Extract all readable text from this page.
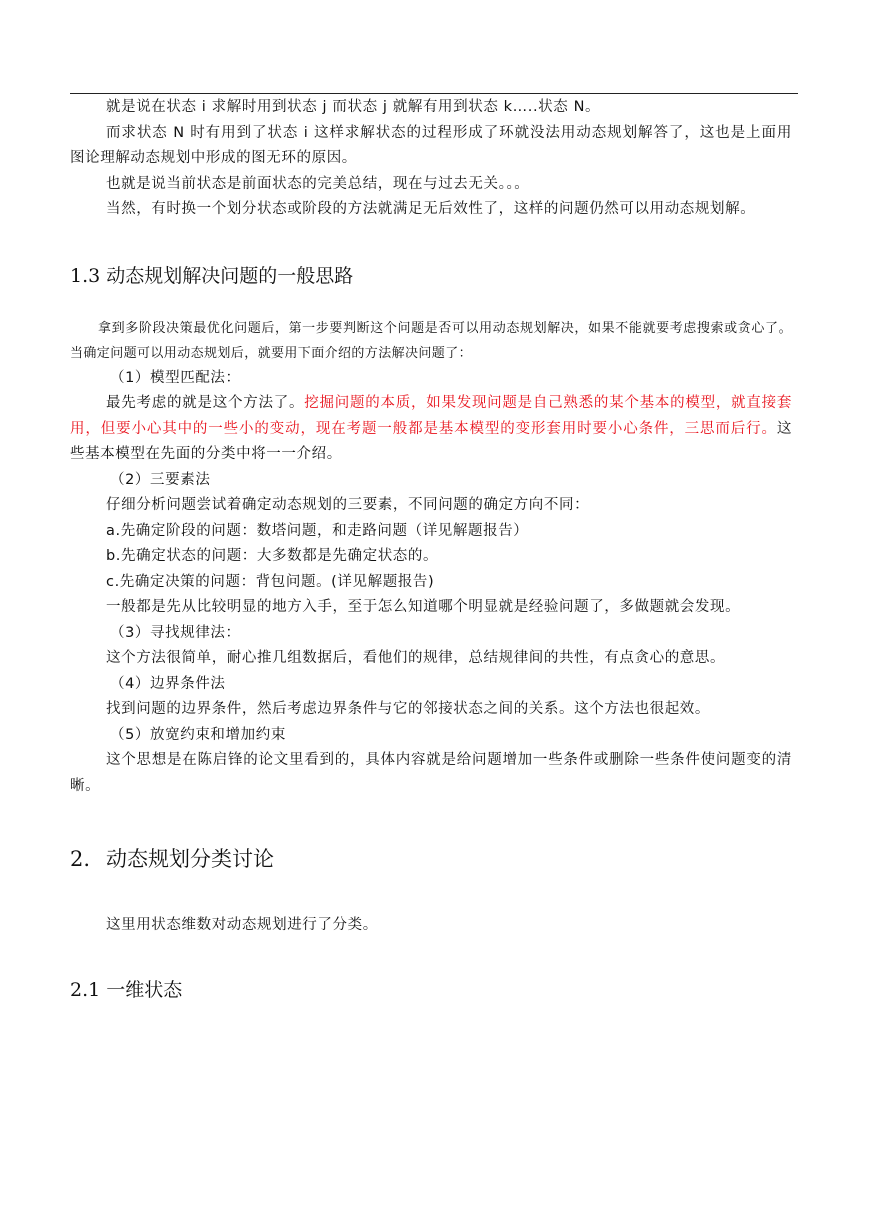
就是说在状态 i 求解时用到状态 j 而状态 j 就解有用到状态 k…..状态 N。

而求状态 N 时有用到了状态 i 这样求解状态的过程形成了环就没法用动态规划解答了，这也是上面用图论理解动态规划中形成的图无环的原因。

也就是说当前状态是前面状态的完美总结，现在与过去无关。。。

当然，有时换一个划分状态或阶段的方法就满足无后效性了，这样的问题仍然可以用动态规划解。

1.3 动态规划解决问题的一般思路

拿到多阶段决策最优化问题后，第一步要判断这个问题是否可以用动态规划解决，如果不能就要考虑搜索或贪心了。当确定问题可以用动态规划后，就要用下面介绍的方法解决问题了：

（1）模型匹配法：

最先考虑的就是这个方法了。挖掘问题的本质，如果发现问题是自己熟悉的某个基本的模型，就直接套用，但要小心其中的一些小的变动，现在考题一般都是基本模型的变形套用时要小心条件，三思而后行。这些基本模型在先面的分类中将一一介绍。

（2）三要素法

仔细分析问题尝试着确定动态规划的三要素，不同问题的确定方向不同：

a.先确定阶段的问题：数塔问题，和走路问题（详见解题报告）

b.先确定状态的问题：大多数都是先确定状态的。

c.先确定决策的问题：背包问题。(详见解题报告)

一般都是先从比较明显的地方入手，至于怎么知道哪个明显就是经验问题了，多做题就会发现。

（3）寻找规律法：

这个方法很简单，耐心推几组数据后，看他们的规律，总结规律间的共性，有点贪心的意思。

（4）边界条件法

找到问题的边界条件，然后考虑边界条件与它的邻接状态之间的关系。这个方法也很起效。

（5）放宽约束和增加约束

这个思想是在陈启锋的论文里看到的，具体内容就是给问题增加一些条件或删除一些条件使问题变的清晰。

2. 动态规划分类讨论

这里用状态维数对动态规划进行了分类。

2.1 一维状态
